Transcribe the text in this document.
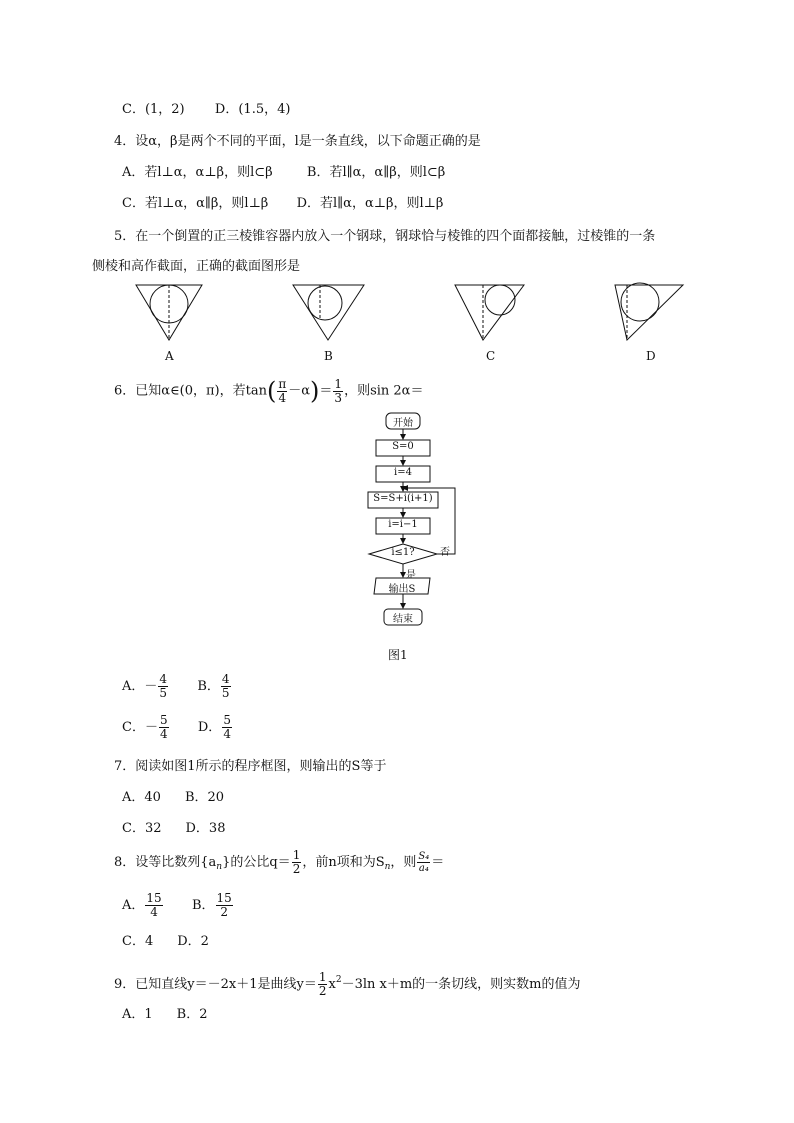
C．(1，2) D．(1.5，4)
4．设α，β是两个不同的平面，l是一条直线，以下命题正确的是
A．若l⊥α，α⊥β，则l⊂β	B．若l∥α，α∥β，则l⊂β
C．若l⊥α，α∥β，则l⊥β D．若l∥α，α⊥β，则l⊥β
5．在一个倒置的正三棱锥容器内放入一个钢球，钢球恰与棱锥的四个面都接触，过棱锥的一条
侧棱和高作截面，正确的截面图形是
A	B	C	D
6．已知α∈(0，π)，若$\tan( \frac{\pi}{4} -\alpha)= \frac{1}{3}$ ，则sin 2α＝
开始
S=0
i=4
S=S+i(i+1)
i=i−1
i≤1?	否
是
输出S
结束
图1
A．－ $\frac{4}{5}$ B． $\frac{4}{5}$
C．－ $\frac{5}{4}$ D． $\frac{5}{4}$
7．阅读如图1所示的程序框图，则输出的S等于
A．40 B．20
C．32 D．38
8．设等比数列$\{a_n\}$的公比$q= \frac{1}{2}$ ，前n项和为$S_n$，则 $\frac{\text{S₄}}{\text{a₄}}$ ＝
A． $\frac{15}{4}$ B． $\frac{15}{2}$
C．4 D．2
9．已知直线y＝－2x＋1是曲线$y= \frac{1}{2} x^2-3\ln$ x＋m的一条切线，则实数m的值为
A．1 B．2
